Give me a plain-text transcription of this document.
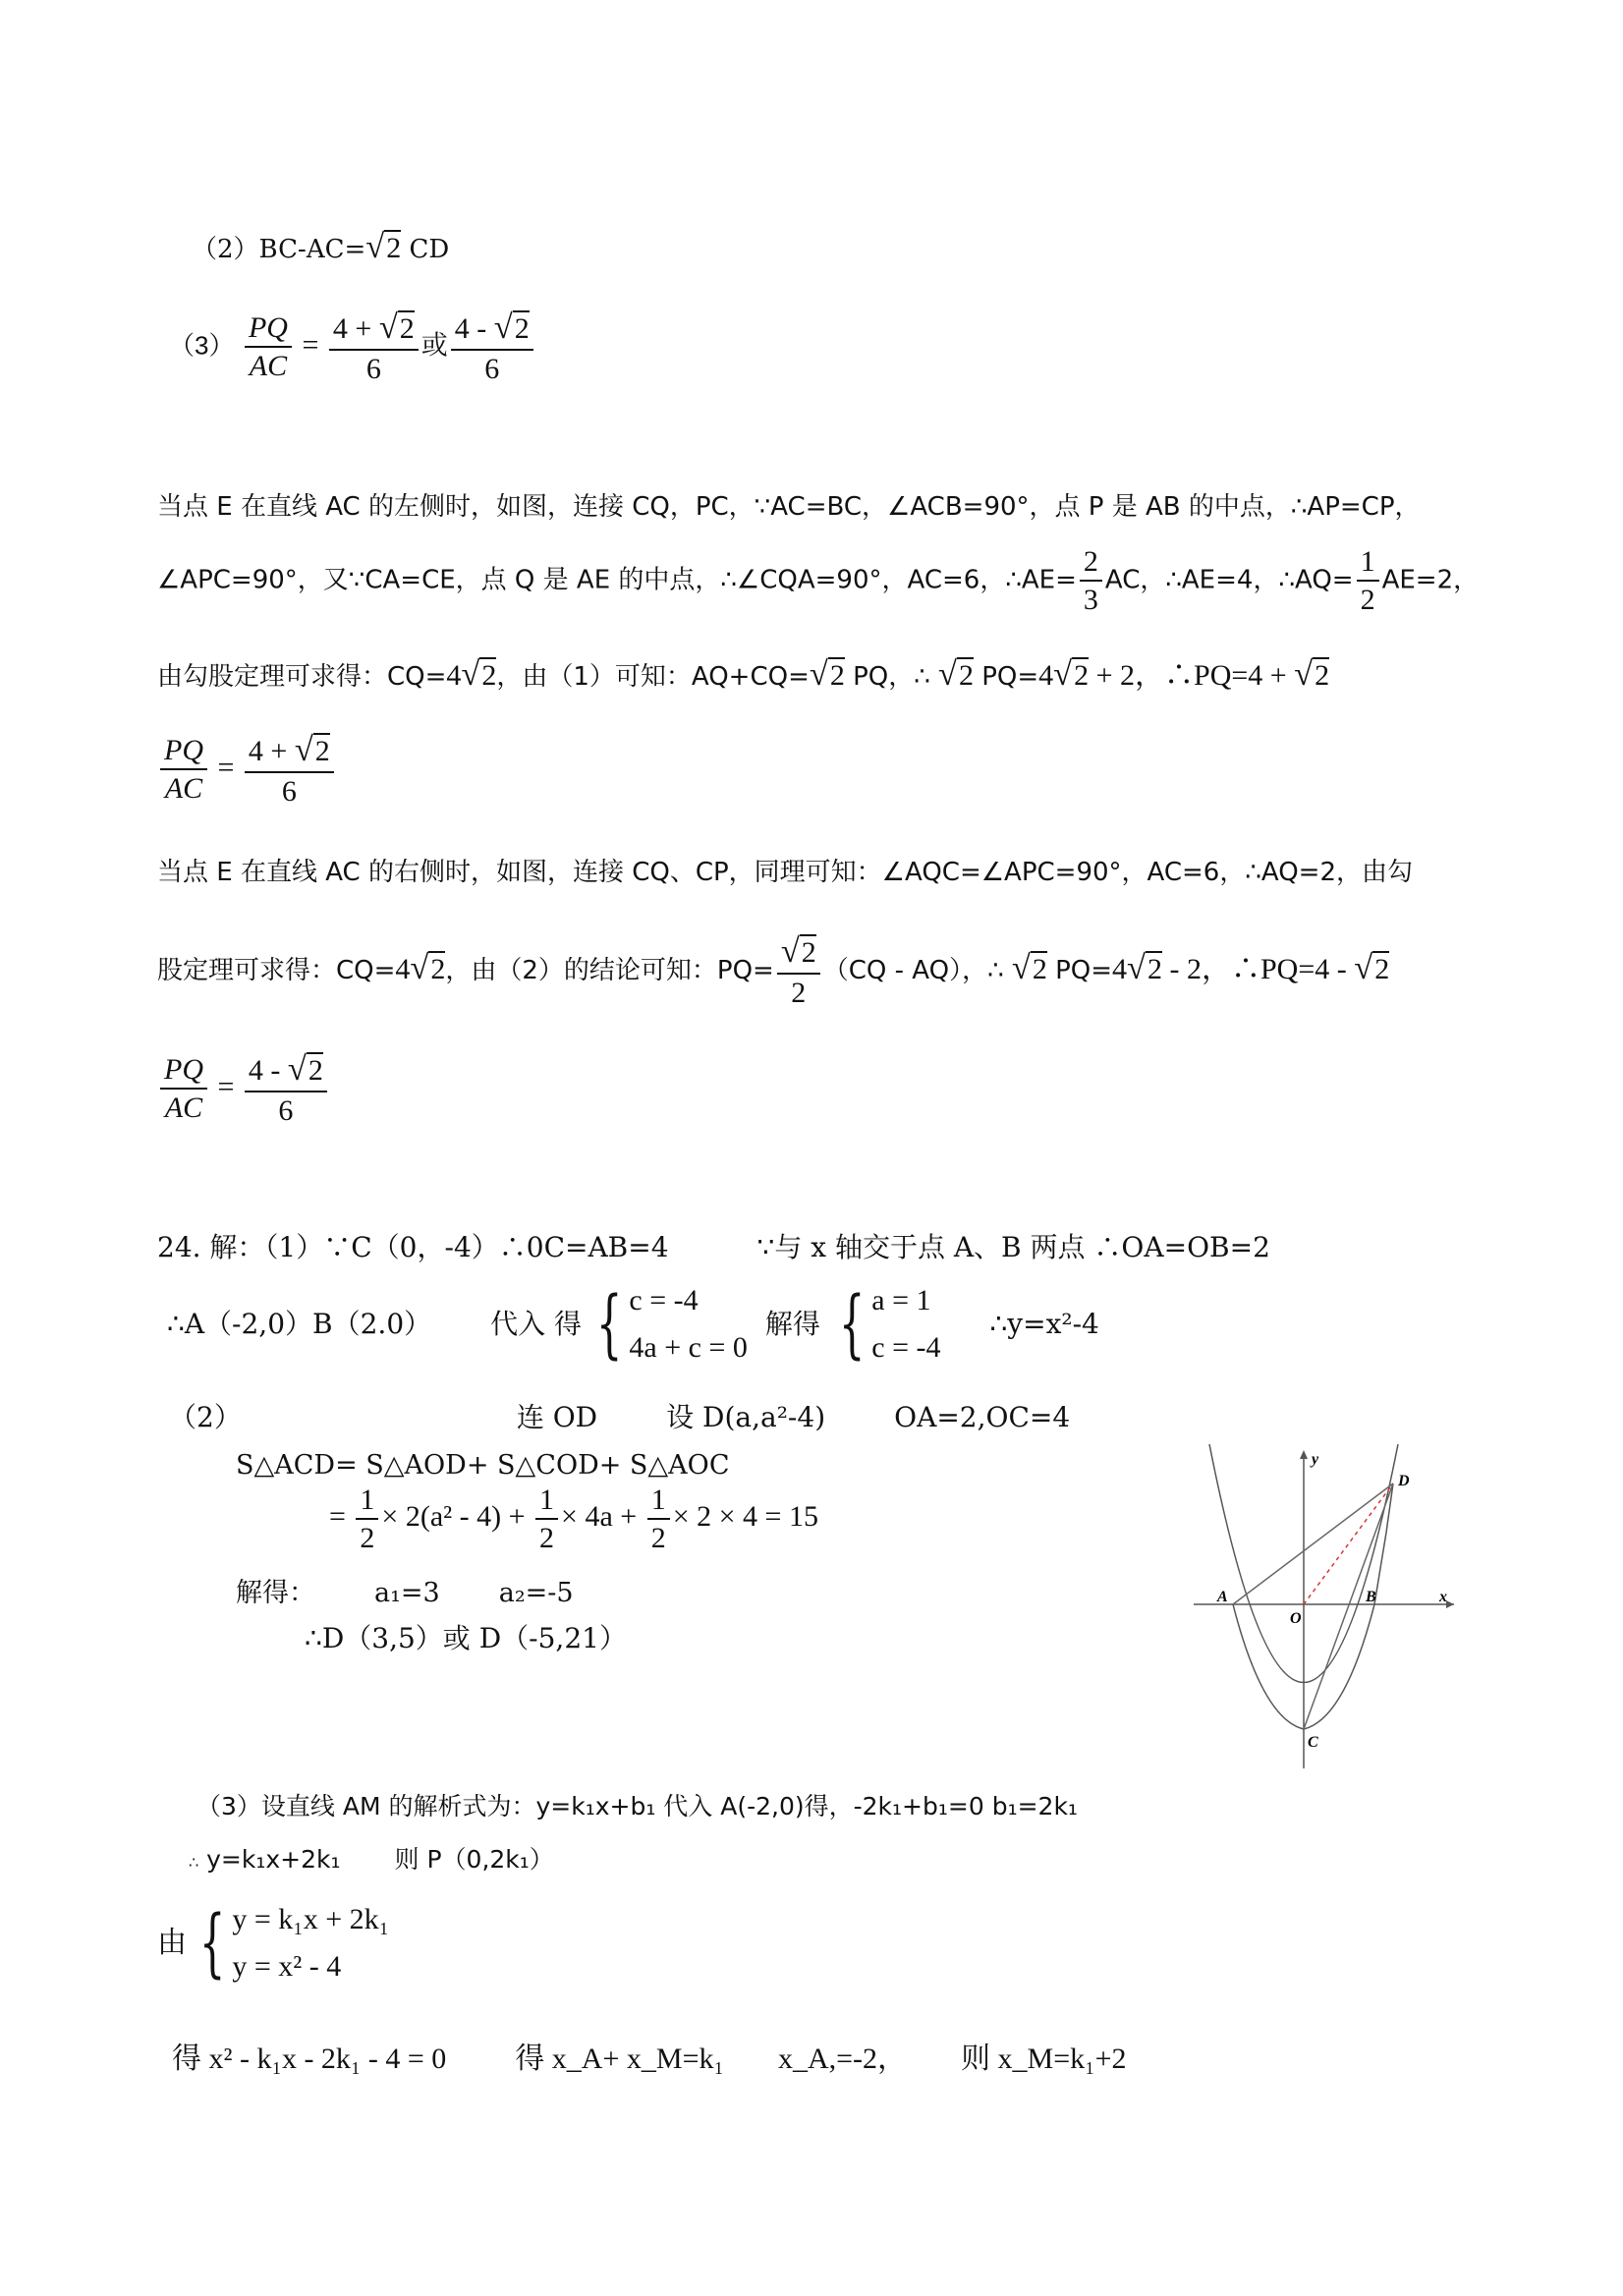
（2）BC-AC=√2 CD
$(3) \frac{PQ}{AC} = \frac{4 + √2}{6}$ 或 $\frac{4 - √2}{6}$
当点 E 在直线 AC 的左侧时，如图，连接 CQ，PC，∵AC=BC，∠ACB=90°，点 P 是 AB 的中点，∴AP=CP，
∠APC=90°，又∵CA=CE，点 Q 是 AE 的中点，∴∠CQA=90°，AC=6，∴AE= $\frac{2}{3}$ AC，∴AE=4，∴AQ= $\frac{1}{2} AE=2$，
由勾股定理可求得：CQ=4√2，由（1）可知：AQ+CQ=√2 PQ，∴ √2 PQ=4√2 + 2，∴PQ=4 + √2
$\frac{PQ}{AC} = \frac{4 + √2}{6}$
当点 E 在直线 AC 的右侧时，如图，连接 CQ、CP，同理可知：∠AQC=∠APC=90°，AC=6，∴AQ=2，由勾
股定理可求得：CQ=4√2，由（2）的结论可知：$PQ= \frac{√2}{2} (CQ - AQ)$，∴ √2 PQ=4√2 - 2，∴PQ=4 - √2
$\frac{PQ}{AC} = \frac{4 - √2}{6}$
24. 解：（1）∵C（0，-4）∴0C=AB=4	∵与 x 轴交于点 A、B 两点 ∴OA=OB=2
∴A（-2,0）B（2.0） 代入 得 { c = -4
4a + c = 0
解得 { a = 1
c = -4
∴y=x²-4
（2）	连 OD	设 D(a,a²-4)	OA=2,OC=4
S△ACD= S△AOD+ S△COD+ S△AOC
= $\frac{1}{2} \times 2(a^2 - 4) + \frac{1}{2} \times 4a + \frac{1}{2} \times 2 \times 4 = 15$
解得： a₁=3 a₂=-5
∴D（3,5）或 D（-5,21）
y
x
A	B
O
C
D
（3）设直线 AM 的解析式为：y=k₁x+b₁ 代入 A(-2,0)得，-2k₁+b₁=0 b₁=2k₁
∴ y=k₁x+2k₁ 则 P（0,2k₁）
由 { y = k₁x + 2k₁
y = x² - 4
得 x² - k₁x - 2k₁ - 4 = 0 得 x_A+ x_M=k₁ x_A,=-2， 则 x_M=k₁+2
